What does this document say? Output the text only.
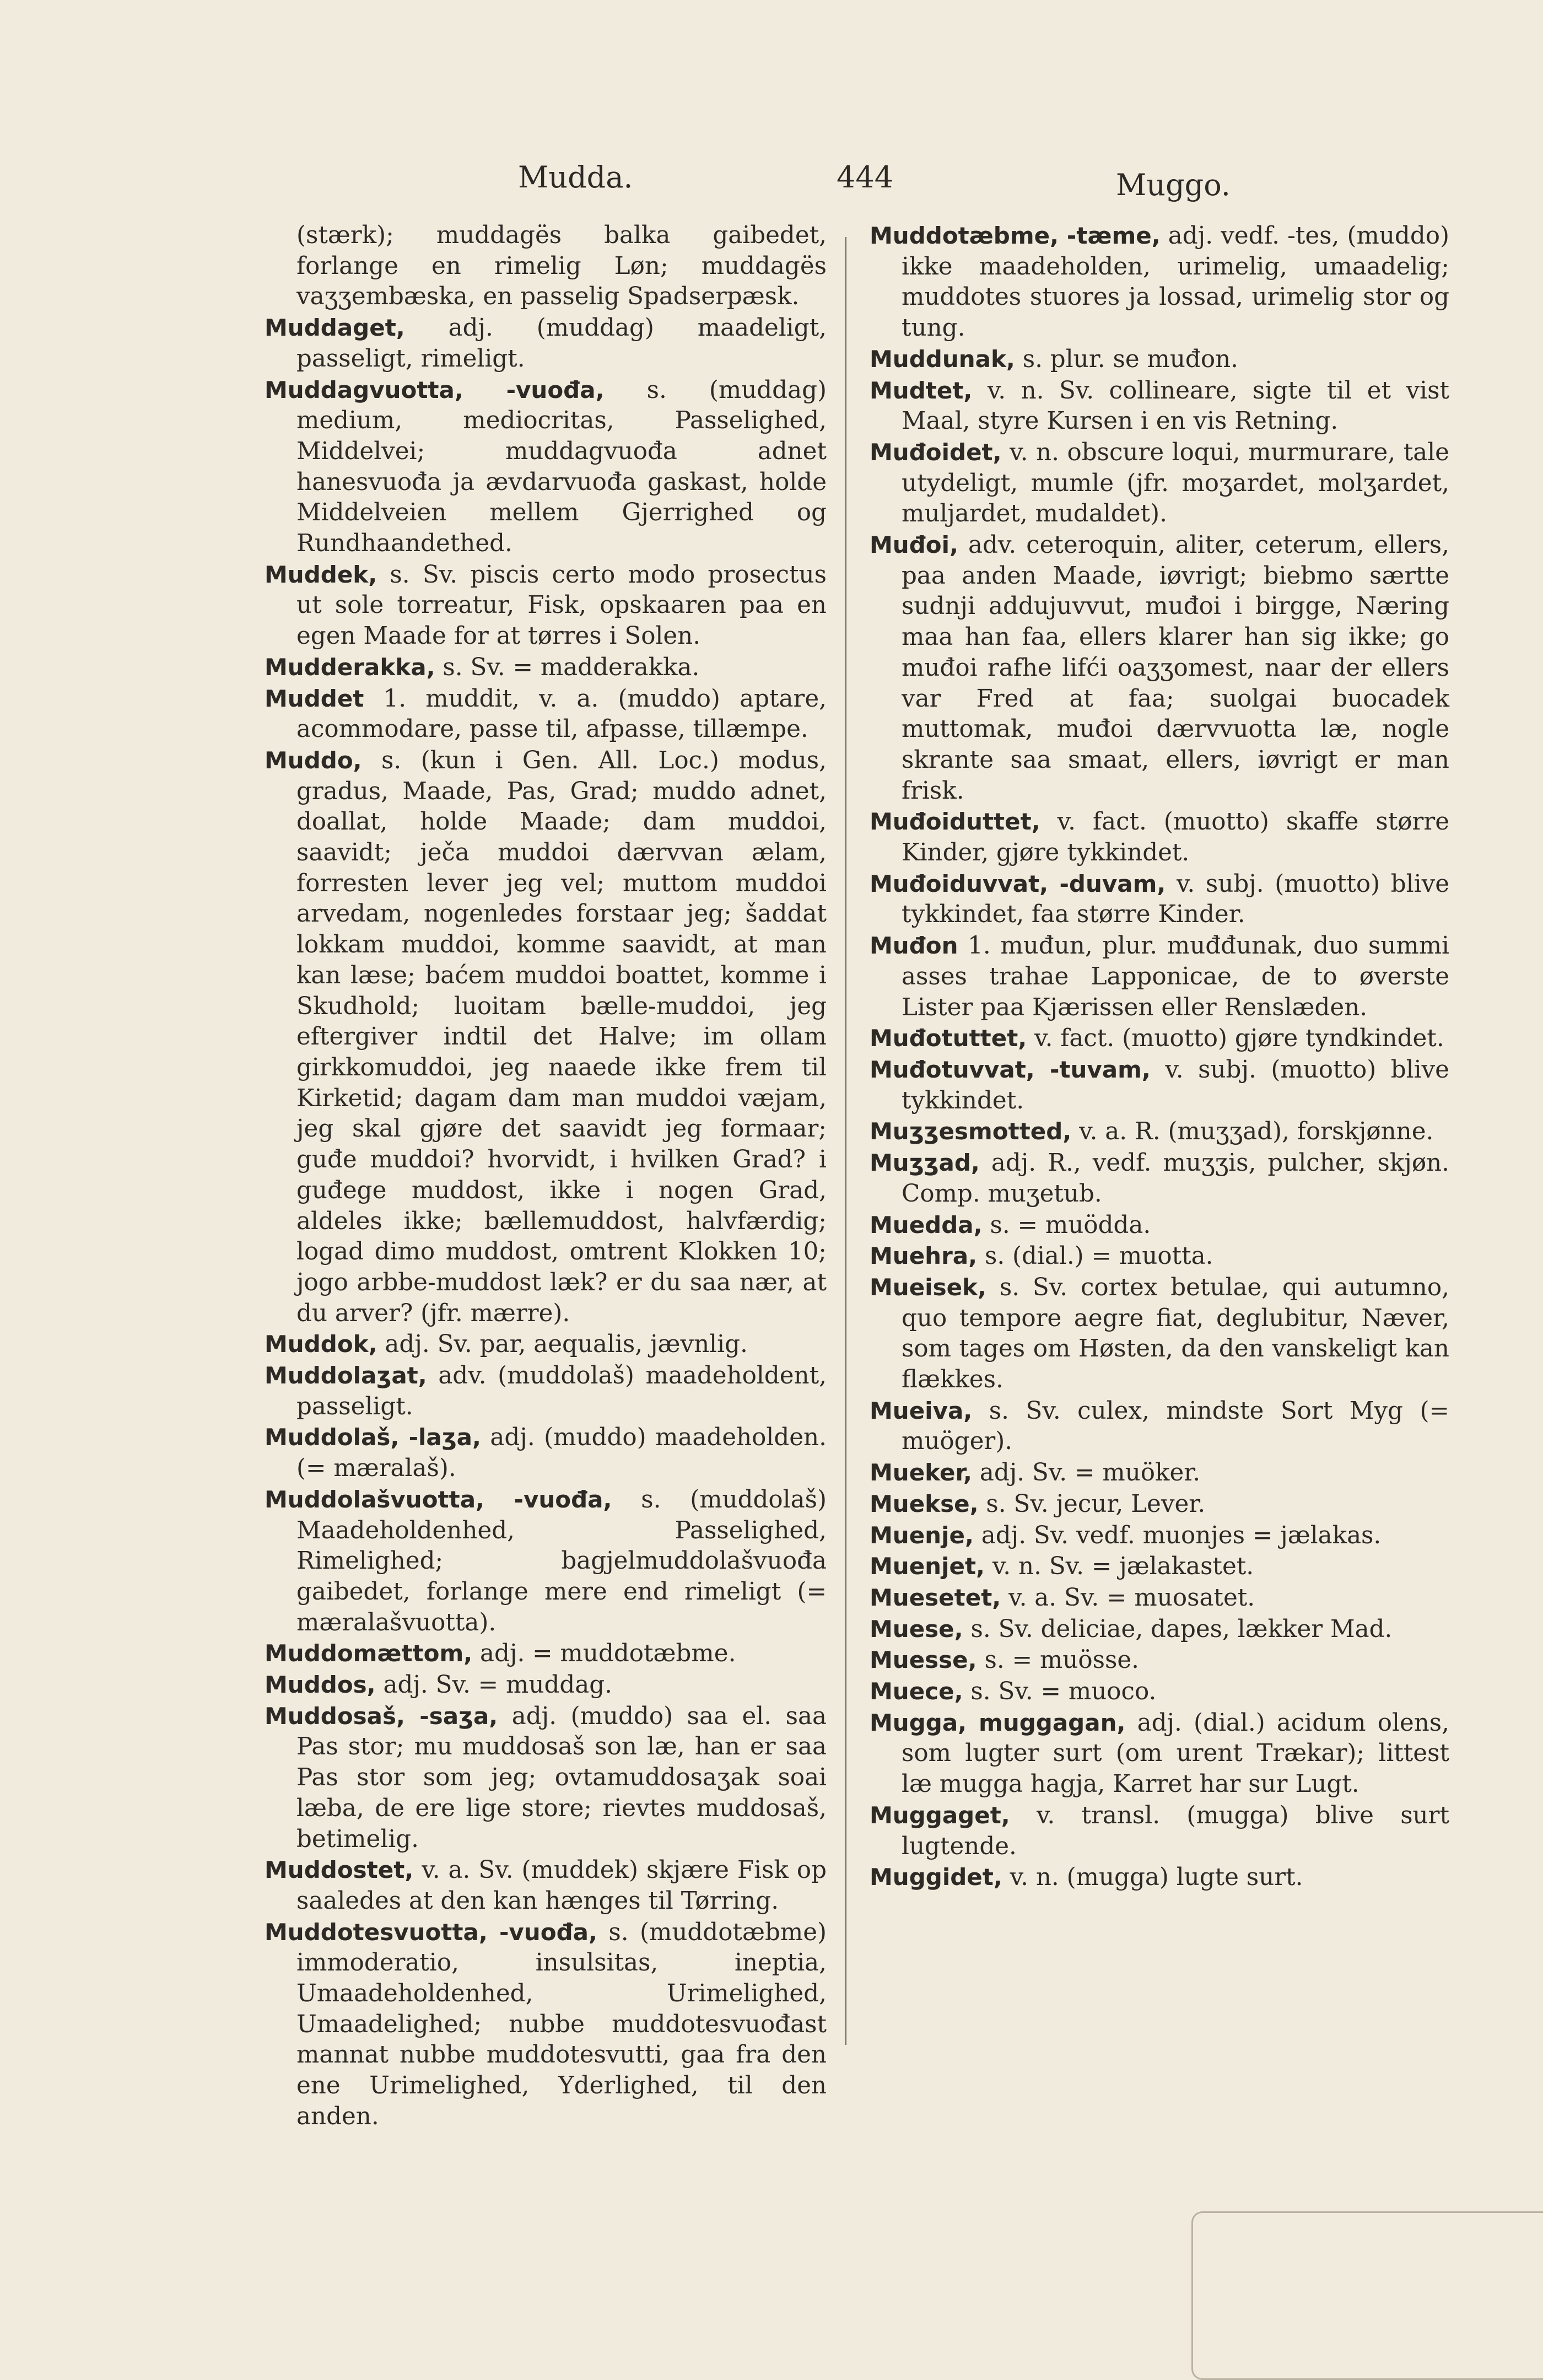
Mudda.	444	Muggo.

(stærk); muddagës balka gaibedet, forlange en rimelig Løn; muddagës vaʒʒembæska, en passelig Spadserpæsk.

Muddaget, adj. (muddag) maadeligt, passeligt, rimeligt.

Muddagvuotta, -vuođa, s. (muddag) medium, mediocritas, Passelighed, Middelvei; muddagvuođa adnet hanesvuođa ja ævdarvuođa gaskast, holde Middelveien mellem Gjerrighed og Rundhaandethed.

Muddek, s. Sv. piscis certo modo prosectus ut sole torreatur, Fisk, opskaaren paa en egen Maade for at tørres i Solen.

Mudderakka, s. Sv. = madderakka.

Muddet 1. muddit, v. a. (muddo) aptare, acommodare, passe til, afpasse, tillæmpe.

Muddo, s. (kun i Gen. All. Loc.) modus, gradus, Maade, Pas, Grad; muddo adnet, doallat, holde Maade; dam muddoi, saavidt; ječa muddoi dærvvan ælam, forresten lever jeg vel; muttom muddoi arvedam, nogenledes forstaar jeg; šaddat lokkam muddoi, komme saavidt, at man kan læse; baćem muddoi boattet, komme i Skudhold; luoitam bælle-muddoi, jeg eftergiver indtil det Halve; im ollam girkkomuddoi, jeg naaede ikke frem til Kirketid; dagam dam man muddoi væjam, jeg skal gjøre det saavidt jeg formaar; guđe muddoi? hvorvidt, i hvilken Grad? i guđege muddost, ikke i nogen Grad, aldeles ikke; bællemuddost, halvfærdig; logad dimo muddost, omtrent Klokken 10; jogo arbbe-muddost læk? er du saa nær, at du arver? (jfr. mærre).

Muddok, adj. Sv. par, aequalis, jævnlig.

Muddolaʒat, adv. (muddolaš) maadeholdent, passeligt.

Muddolaš, -laʒa, adj. (muddo) maadeholden. (= mæralaš).

Muddolašvuotta, -vuođa, s. (muddolaš) Maadeholdenhed, Passelighed, Rimelighed; bagjelmuddolašvuođa gaibedet, forlange mere end rimeligt (= mæralašvuotta).

Muddomættom, adj. = muddotæbme.

Muddos, adj. Sv. = muddag.

Muddosaš, -saʒa, adj. (muddo) saa el. saa Pas stor; mu muddosaš son læ, han er saa Pas stor som jeg; ovtamuddosaʒak soai læba, de ere lige store; rievtes muddosaš, betimelig.

Muddostet, v. a. Sv. (muddek) skjære Fisk op saaledes at den kan hænges til Tørring.

Muddotesvuotta, -vuođa, s. (muddotæbme) immoderatio, insulsitas, ineptia, Umaadeholdenhed, Urimelighed, Umaadelighed; nubbe muddotesvuođast mannat nubbe muddotesvutti, gaa fra den ene Urimelighed, Yderlighed, til den anden.

Muddotæbme, -tæme, adj. vedf. -tes, (muddo) ikke maadeholden, urimelig, umaadelig; muddotes stuores ja lossad, urimelig stor og tung.

Muddunak, s. plur. se muđon.

Mudtet, v. n. Sv. collineare, sigte til et vist Maal, styre Kursen i en vis Retning.

Muđoidet, v. n. obscure loqui, murmurare, tale utydeligt, mumle (jfr. moʒardet, molʒardet, muljardet, mudaldet).

Muđoi, adv. ceteroquin, aliter, ceterum, ellers, paa anden Maade, iøvrigt; biebmo særtte sudnji addujuvvut, muđoi i birgge, Næring maa han faa, ellers klarer han sig ikke; go muđoi rafhe lifći oaʒʒomest, naar der ellers var Fred at faa; suolgai buocadek muttomak, muđoi dærvvuotta læ, nogle skrante saa smaat, ellers, iøvrigt er man frisk.

Muđoiduttet, v. fact. (muotto) skaffe større Kinder, gjøre tykkindet.

Muđoiduvvat, -duvam, v. subj. (muotto) blive tykkindet, faa større Kinder.

Muđon 1. muđun, plur. muđđunak, duo summi asses trahae Lapponicae, de to øverste Lister paa Kjærissen eller Renslæden.

Muđotuttet, v. fact. (muotto) gjøre tyndkindet.

Muđotuvvat, -tuvam, v. subj. (muotto) blive tykkindet.

Muʒʒesmotted, v. a. R. (muʒʒad), forskjønne.

Muʒʒad, adj. R., vedf. muʒʒis, pulcher, skjøn. Comp. muʒetub.

Muedda, s. = muödda.

Muehra, s. (dial.) = muotta.

Mueisek, s. Sv. cortex betulae, qui autumno, quo tempore aegre fiat, deglubitur, Næver, som tages om Høsten, da den vanskeligt kan flækkes.

Mueiva, s. Sv. culex, mindste Sort Myg (= muöger).

Mueker, adj. Sv. = muöker.

Muekse, s. Sv. jecur, Lever.

Muenje, adj. Sv. vedf. muonjes = jælakas.

Muenjet, v. n. Sv. = jælakastet.

Muesetet, v. a. Sv. = muosatet.

Muese, s. Sv. deliciae, dapes, lækker Mad.

Muesse, s. = muösse.

Muece, s. Sv. = muoco.

Mugga, muggagan, adj. (dial.) acidum olens, som lugter surt (om urent Trækar); littest læ mugga hagja, Karret har sur Lugt.

Muggaget, v. transl. (mugga) blive surt lugtende.

Muggidet, v. n. (mugga) lugte surt.
